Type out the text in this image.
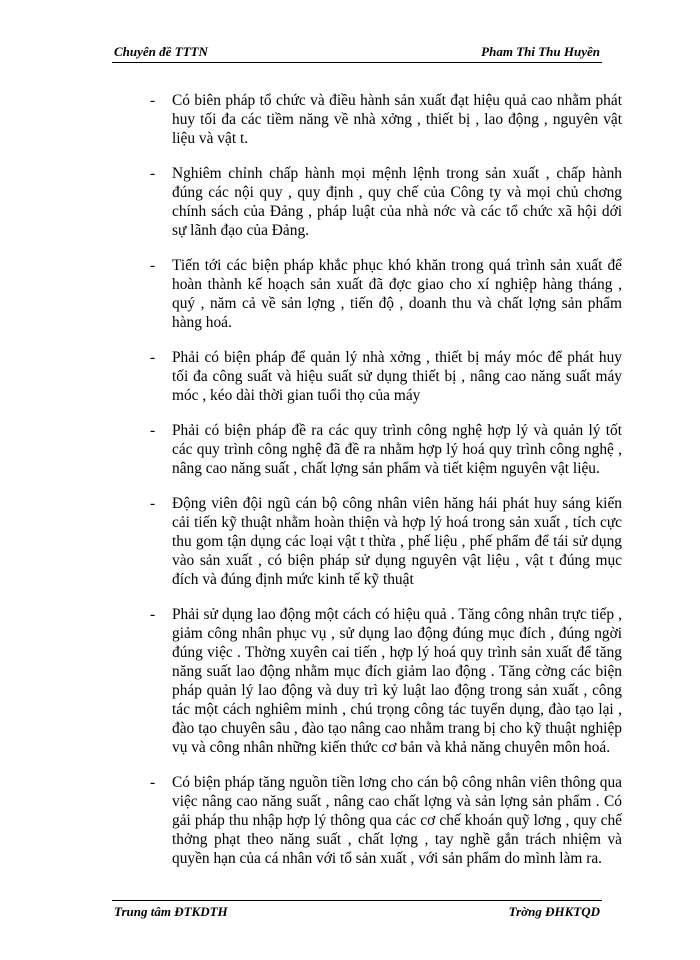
Chuyên đề TTTN	Pham Thi Thu Huyền
- Có biên pháp tổ chức và điều hành sản xuất đạt hiệu quả cao nhằm phát huy tối đa các tiềm năng về nhà xởng , thiết bị , lao động , nguyên vật liệu và vật t.
- Nghiêm chỉnh chấp hành mọi mệnh lệnh trong sản xuất , chấp hành đúng các nội quy , quy định , quy chế của Công ty và mọi chủ chơng chính sách của Đảng , pháp luật của nhà nớc và các tổ chức xã hội dới sự lãnh đạo của Đảng.
- Tiến tới các biện pháp khắc phục khó khăn trong quá trình sản xuất để hoàn thành kế hoạch sản xuất đã đợc giao cho xí nghiệp hàng tháng , quý , năm cả về sản lợng , tiến độ , doanh thu và chất lợng sản phẩm hàng hoá.
- Phải có biện pháp để quản lý nhà xởng , thiết bị máy móc để phát huy tối đa công suất và hiệu suất sử dụng thiết bị , nâng cao năng suất máy móc , kéo dài thời gian tuổi thọ của máy
- Phải có biện pháp đề ra các quy trình công nghệ hợp lý và quản lý tốt các quy trình công nghệ đã đề ra nhằm hợp lý hoá quy trình công nghệ , nâng cao năng suất , chất lợng sản phẩm và tiết kiệm nguyên vật liệu.
- Động viên đội ngũ cán bộ công nhân viên hăng hái phát huy sáng kiến cải tiến kỹ thuật nhằm hoàn thiện và hợp lý hoá trong sản xuất , tích cực thu gom tận dụng các loại vật t thừa , phế liệu , phế phẩm để tái sử dụng vào sản xuất , có biện pháp sử dụng nguyên vật liệu , vật t đúng mục đích và đúng định mức kinh tế kỹ thuật
- Phải sử dụng lao động một cách có hiệu quả . Tăng công nhân trực tiếp , giảm công nhân phục vụ , sử dụng lao động đúng mục đích , đúng ngời đúng việc . Thờng xuyên cai tiến , hợp lý hoá quy trình sản xuất để tăng năng suất lao động nhằm mục đích giảm lao động . Tăng cờng các biện pháp quản lý lao động và duy trì kỷ luật lao động trong sản xuất , công tác một cách nghiêm minh , chú trọng công tác tuyển dụng, đào tạo lại , đào tạo chuyên sâu , đào tạo nâng cao nhằm trang bị cho kỹ thuật nghiệp vụ và công nhân những kiến thức cơ bản và khả năng chuyên môn hoá.
- Có biện pháp tăng nguồn tiền lơng cho cán bộ công nhân viên thông qua việc nâng cao năng suất , nâng cao chất lợng và sản lợng sản phẩm . Có gải pháp thu nhập hợp lý thông qua các cơ chế khoán quỹ lơng , quy chế thởng phạt theo năng suất , chất lợng , tay nghề gắn trách nhiệm và quyền hạn của cá nhân với tổ sản xuất , với sản phẩm do mình làm ra.
Trung tâm ĐTKDTH	Trờng ĐHKTQD
